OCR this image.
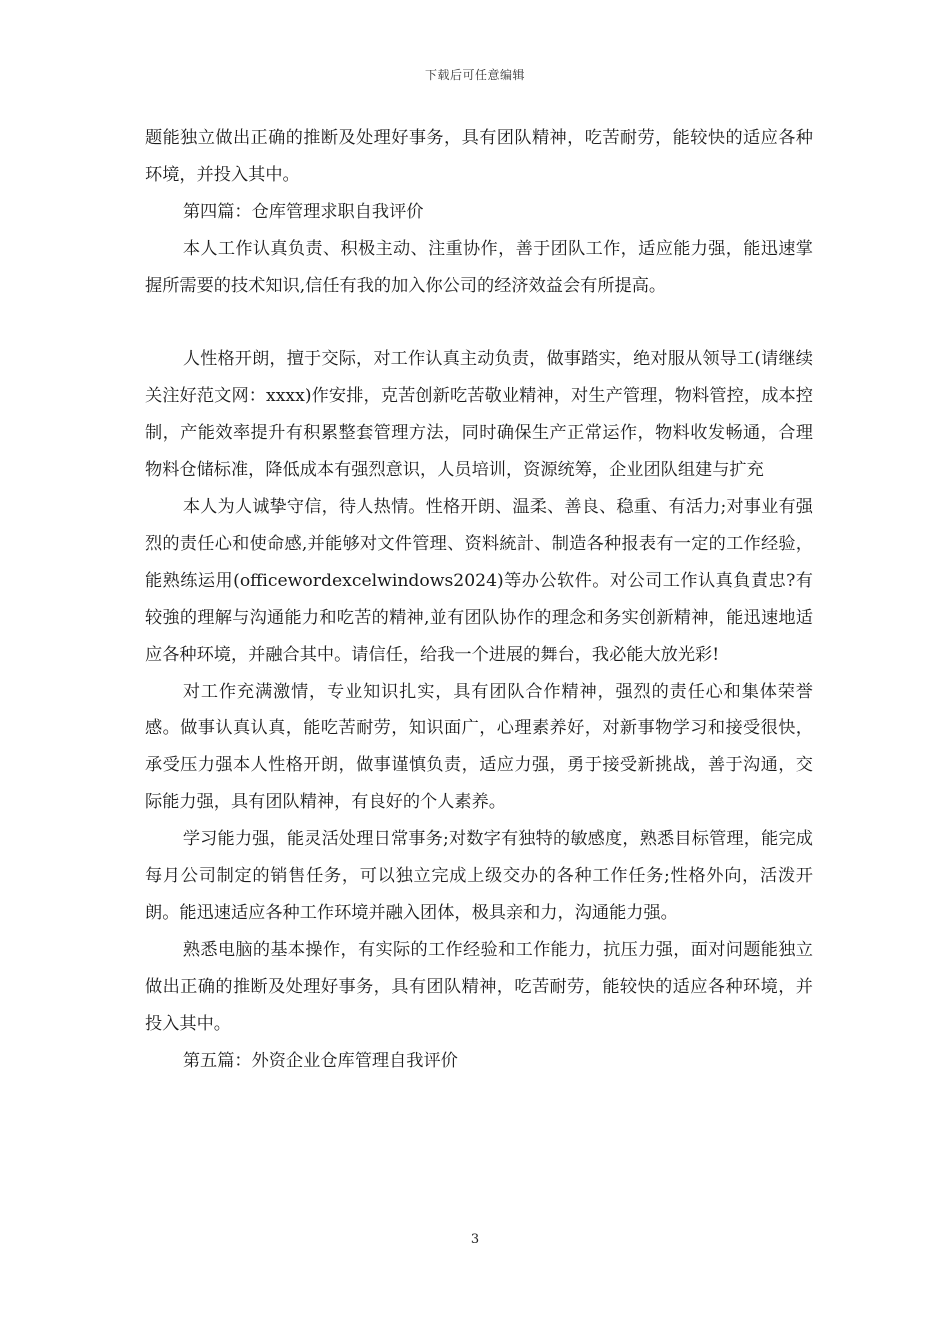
下载后可任意编辑

题能独立做出正确的推断及处理好事务，具有团队精神，吃苦耐劳，能较快的适应各种环境，并投入其中。

第四篇：仓库管理求职自我评价

本人工作认真负责、积极主动、注重协作，善于团队工作，适应能力强，能迅速掌握所需要的技术知识,信任有我的加入你公司的经济效益会有所提高。

人性格开朗，擅于交际，对工作认真主动负责，做事踏实，绝对服从领导工(请继续关注好范文网：xxxx)作安排，克苦创新吃苦敬业精神，对生产管理，物料管控，成本控制，产能效率提升有积累整套管理方法，同时确保生产正常运作，物料收发畅通，合理物料仓储标准，降低成本有强烈意识，人员培训，资源统筹，企业团队组建与扩充

本人为人诚挚守信，待人热情。性格开朗、温柔、善良、稳重、有活力;对事业有强烈的责任心和使命感,并能够对文件管理、资料統計、制造各种报表有一定的工作经验，能熟练运用(officewordexcelwindows2024)等办公软件。对公司工作认真負責忠?有较強的理解与沟通能力和吃苦的精神,並有团队协作的理念和务实创新精神，能迅速地适应各种环境，并融合其中。请信任，给我一个进展的舞台，我必能大放光彩!

对工作充满激情，专业知识扎实，具有团队合作精神，强烈的责任心和集体荣誉感。做事认真认真，能吃苦耐劳，知识面广，心理素养好，对新事物学习和接受很快，承受压力强本人性格开朗，做事谨慎负责，适应力强，勇于接受新挑战，善于沟通，交际能力强，具有团队精神，有良好的个人素养。

学习能力强，能灵活处理日常事务;对数字有独特的敏感度，熟悉目标管理，能完成每月公司制定的销售任务，可以独立完成上级交办的各种工作任务;性格外向，活泼开朗。能迅速适应各种工作环境并融入团体，极具亲和力，沟通能力强。

熟悉电脑的基本操作，有实际的工作经验和工作能力，抗压力强，面对问题能独立做出正确的推断及处理好事务，具有团队精神，吃苦耐劳，能较快的适应各种环境，并投入其中。

第五篇：外资企业仓库管理自我评价

3
